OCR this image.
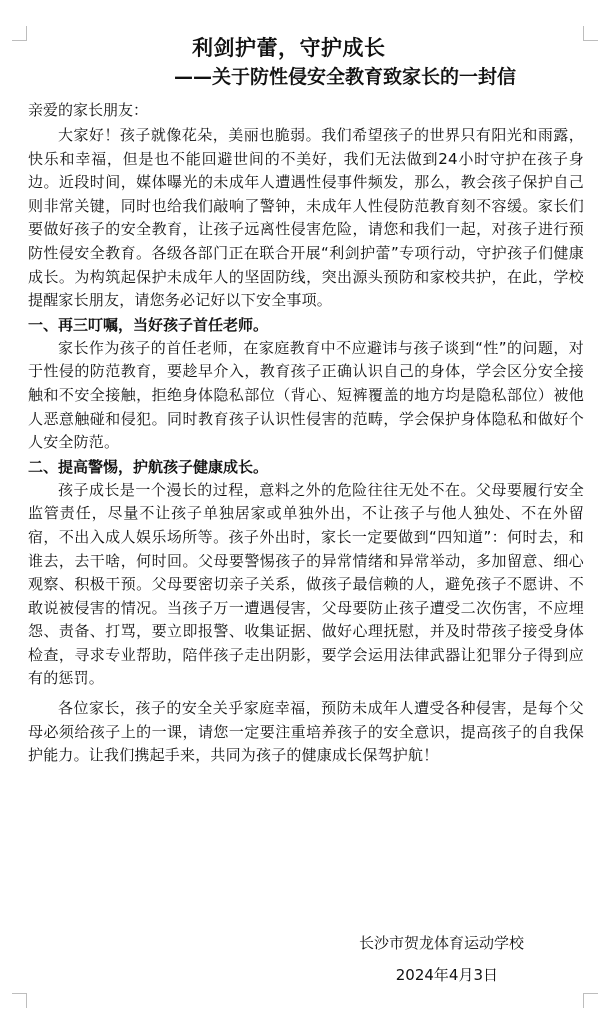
利剑护蕾，守护成长
——关于防性侵安全教育致家长的一封信

亲爱的家长朋友：

大家好！孩子就像花朵，美丽也脆弱。我们希望孩子的世界只有阳光和雨露，快乐和幸福，但是也不能回避世间的不美好，我们无法做到24小时守护在孩子身边。近段时间，媒体曝光的未成年人遭遇性侵事件频发，那么，教会孩子保护自己则非常关键，同时也给我们敲响了警钟，未成年人性侵防范教育刻不容缓。家长们要做好孩子的安全教育，让孩子远离性侵害危险，请您和我们一起，对孩子进行预防性侵安全教育。各级各部门正在联合开展“利剑护蕾”专项行动，守护孩子们健康成长。为构筑起保护未成年人的坚固防线，突出源头预防和家校共护，在此，学校提醒家长朋友，请您务必记好以下安全事项。

一、再三叮嘱，当好孩子首任老师。

家长作为孩子的首任老师，在家庭教育中不应避讳与孩子谈到“性”的问题，对于性侵的防范教育，要趁早介入，教育孩子正确认识自己的身体，学会区分安全接触和不安全接触，拒绝身体隐私部位（背心、短裤覆盖的地方均是隐私部位）被他人恶意触碰和侵犯。同时教育孩子认识性侵害的范畴，学会保护身体隐私和做好个人安全防范。

二、提高警惕，护航孩子健康成长。

孩子成长是一个漫长的过程，意料之外的危险往往无处不在。父母要履行安全监管责任，尽量不让孩子单独居家或单独外出，不让孩子与他人独处、不在外留宿，不出入成人娱乐场所等。孩子外出时，家长一定要做到“四知道”：何时去，和谁去，去干啥，何时回。父母要警惕孩子的异常情绪和异常举动，多加留意、细心观察、积极干预。父母要密切亲子关系，做孩子最信赖的人，避免孩子不愿讲、不敢说被侵害的情况。当孩子万一遭遇侵害，父母要防止孩子遭受二次伤害，不应埋怨、责备、打骂，要立即报警、收集证据、做好心理抚慰，并及时带孩子接受身体检查，寻求专业帮助，陪伴孩子走出阴影，要学会运用法律武器让犯罪分子得到应有的惩罚。

各位家长，孩子的安全关乎家庭幸福，预防未成年人遭受各种侵害，是每个父母必须给孩子上的一课，请您一定要注重培养孩子的安全意识，提高孩子的自我保护能力。让我们携起手来，共同为孩子的健康成长保驾护航！

长沙市贺龙体育运动学校
2024年4月3日
